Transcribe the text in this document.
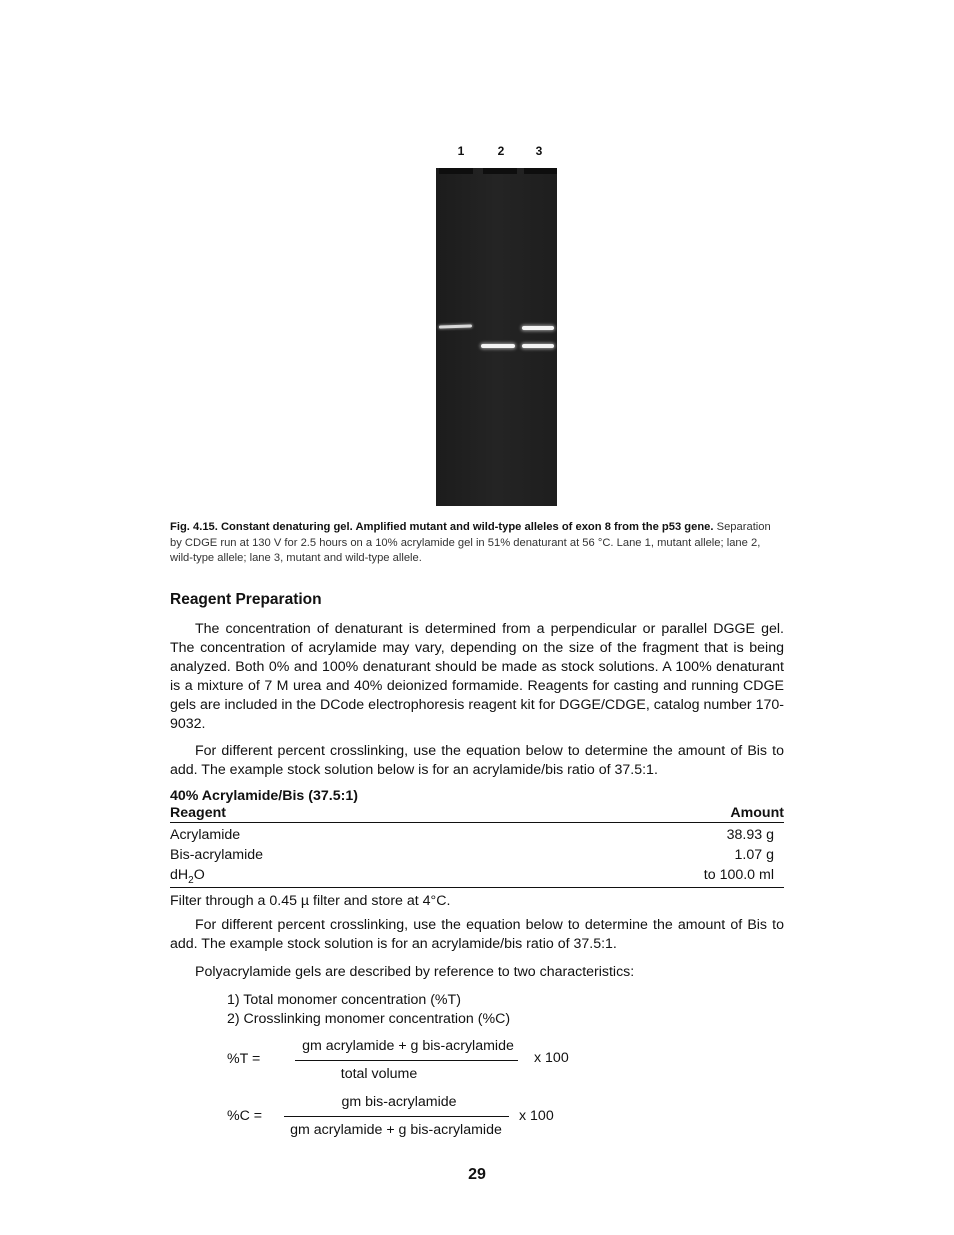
1	2	3
Fig. 4.15. Constant denaturing gel. Amplified mutant and wild-type alleles of exon 8 from the p53 gene. Separation by CDGE run at 130 V for 2.5 hours on a 10% acrylamide gel in 51% denaturant at 56 °C. Lane 1, mutant allele; lane 2, wild-type allele; lane 3, mutant and wild-type allele.
Reagent Preparation
The concentration of denaturant is determined from a perpendicular or parallel DGGE gel. The concentration of acrylamide may vary, depending on the size of the fragment that is being analyzed. Both 0% and 100% denaturant should be made as stock solutions. A 100% denaturant is a mixture of 7 M urea and 40% deionized formamide. Reagents for casting and running CDGE gels are included in the DCode electrophoresis reagent kit for DGGE/CDGE, catalog number 170-9032.
For different percent crosslinking, use the equation below to determine the amount of Bis to add. The example stock solution below is for an acrylamide/bis ratio of 37.5:1.
40% Acrylamide/Bis (37.5:1)
Reagent	Amount
Acrylamide	38.93 g
Bis-acrylamide	1.07 g
$dH_2O$	to 100.0 ml
Filter through a 0.45 µ filter and store at 4°C.
For different percent crosslinking, use the equation below to determine the amount of Bis to add. The example stock solution is for an acrylamide/bis ratio of 37.5:1.
Polyacrylamide gels are described by reference to two characteristics:
1) Total monomer concentration (%T)
2) Crosslinking monomer concentration (%C)
%T =
gm acrylamide + g bis-acrylamide
total volume
x 100
%C =
gm bis-acrylamide
gm acrylamide + g bis-acrylamide
x 100
29
